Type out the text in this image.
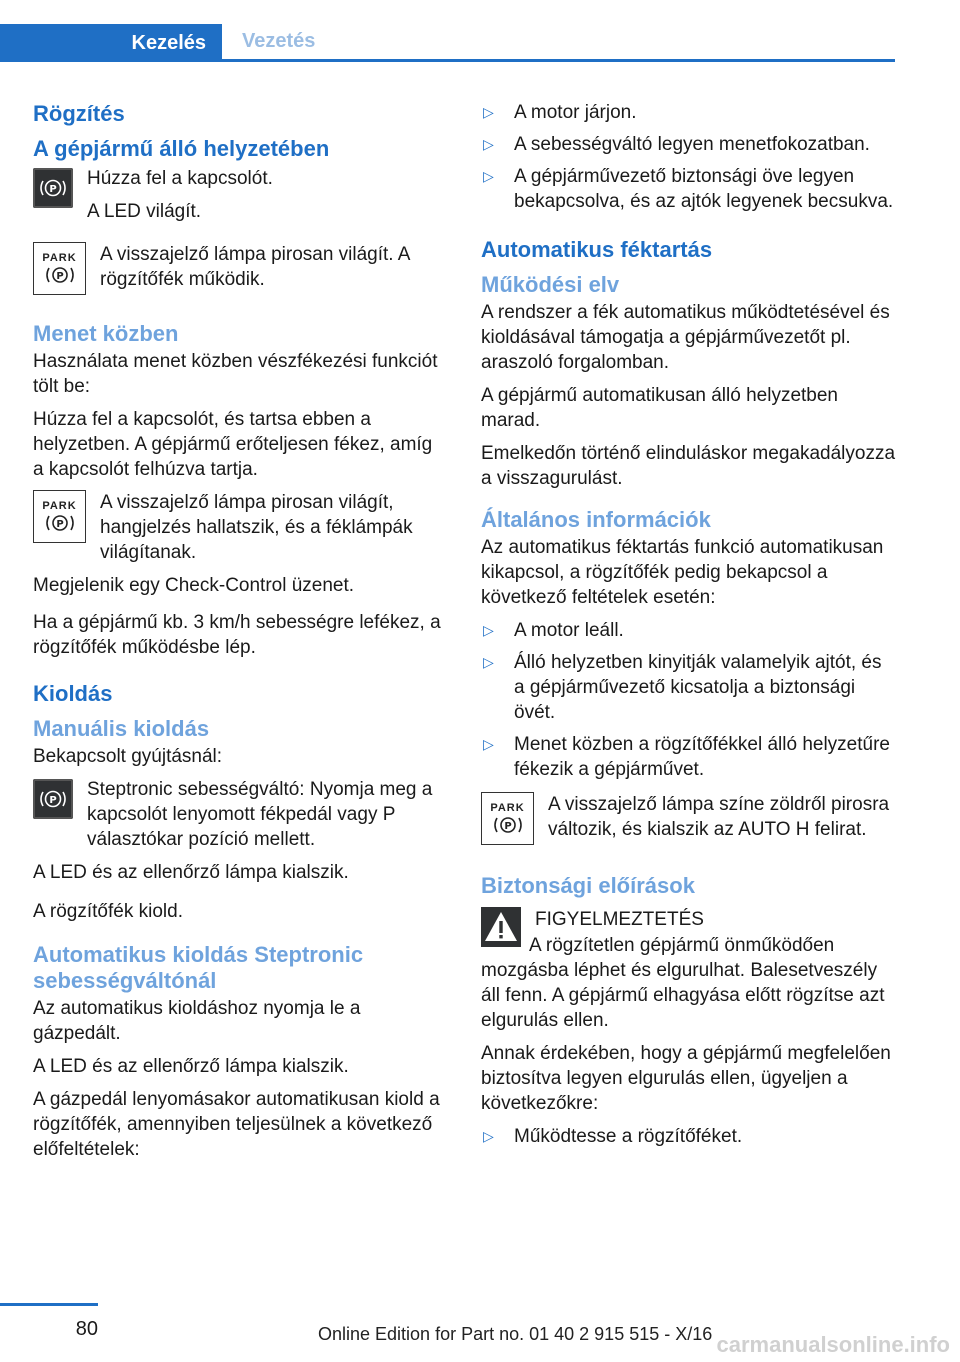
Kezelés	Vezetés
Rögzítés
A gépjármű álló helyzetében
P
Húzza fel a kapcsolót.
A LED világít.
PARK
P
A visszajelző lámpa pirosan világít. A rögzítőfék működik.
Menet közben

Használata menet közben vészfékezési funkciót tölt be:

Húzza fel a kapcsolót, és tartsa ebben a helyzetben. A gépjármű erőteljesen fékez, amíg a kapcsolót felhúzva tartja.

PARK
P
A visszajelző lámpa pirosan világít, hangjelzés hallatszik, és a féklámpák világítanak.

Megjelenik egy Check-Control üzenet.

Ha a gépjármű kb. 3 km/h sebességre lefékez, a rögzítőfék működésbe lép.

Kioldás
Manuális kioldás

Bekapcsolt gyújtásnál:

P
Steptronic sebességváltó: Nyomja meg a kapcsolót lenyomott fékpedál vagy P választókar pozíció mellett.

A LED és az ellenőrző lámpa kialszik.

A rögzítőfék kiold.

Automatikus kioldás Steptronic sebességváltónál

Az automatikus kioldáshoz nyomja le a gázpedált.

A LED és az ellenőrző lámpa kialszik.

A gázpedál lenyomásakor automatikusan kiold a rögzítőfék, amennyiben teljesülnek a következő előfeltételek:

▷ A motor járjon.
▷ A sebességváltó legyen menetfokozatban.
▷ A gépjárművezető biztonsági öve legyen bekapcsolva, és az ajtók legyenek becsukva.
Automatikus féktartás
Működési elv

A rendszer a fék automatikus működtetésével és kioldásával támogatja a gépjárművezetőt pl. araszoló forgalomban.

A gépjármű automatikusan álló helyzetben marad.

Emelkedőn történő elinduláskor megakadályozza a visszagurulást.

Általános információk

Az automatikus féktartás funkció automatikusan kikapcsol, a rögzítőfék pedig bekapcsol a következő feltételek esetén:

▷ A motor leáll.
▷ Álló helyzetben kinyitják valamelyik ajtót, és a gépjárművezető kicsatolja a biztonsági övét.
▷ Menet közben a rögzítőfékkel álló helyzetűre fékezik a gépjárművet.
PARK
P
A visszajelző lámpa színe zöldről pirosra változik, és kialszik az AUTO H felirat.
Biztonsági előírások
FIGYELMEZTETÉS

A rögzítetlen gépjármű önműködően mozgásba léphet és elgurulhat. Balesetveszély áll fenn. A gépjármű elhagyása előtt rögzítse azt elgurulás ellen.

Annak érdekében, hogy a gépjármű megfelelően biztosítva legyen elgurulás ellen, ügyeljen a következőkre:

▷ Működtesse a rögzítőféket.
80	Online Edition for Part no. 01 40 2 915 515 - X/16 carmanualsonline.info
